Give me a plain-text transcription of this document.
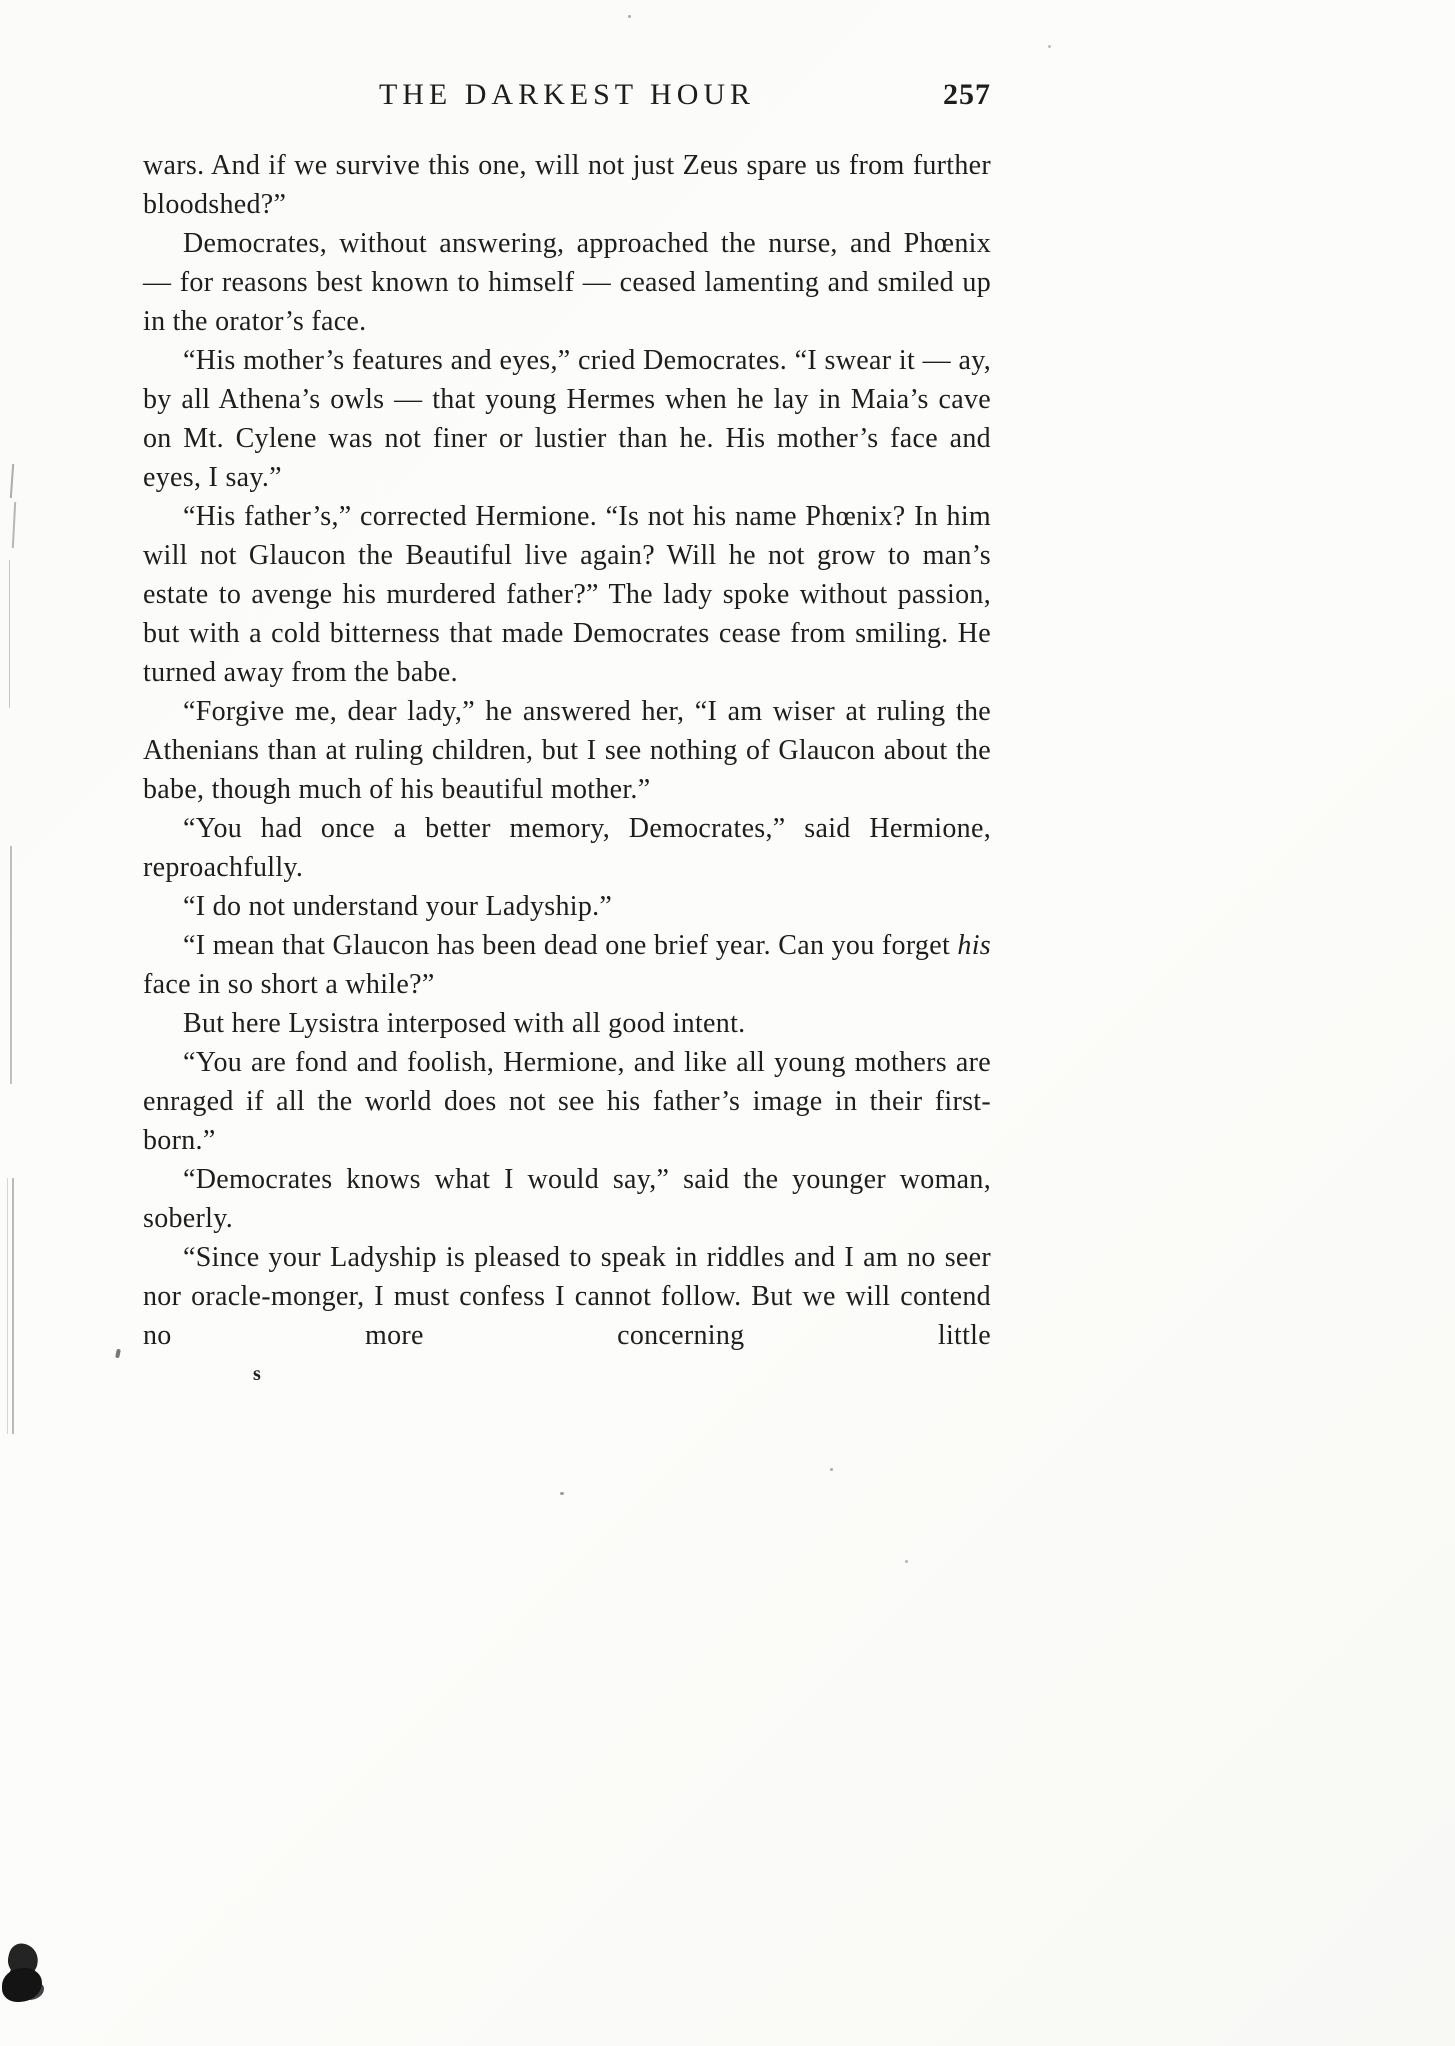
THE DARKEST HOUR	257

wars. And if we survive this one, will not just Zeus spare us from further bloodshed?”

Democrates, without answering, approached the nurse, and Phœnix — for reasons best known to himself — ceased lamenting and smiled up in the orator’s face.

“His mother’s features and eyes,” cried Democrates. “I swear it — ay, by all Athena’s owls — that young Hermes when he lay in Maia’s cave on Mt. Cylene was not finer or lustier than he. His mother’s face and eyes, I say.”

“His father’s,” corrected Hermione. “Is not his name Phœnix? In him will not Glaucon the Beautiful live again? Will he not grow to man’s estate to avenge his murdered father?” The lady spoke without passion, but with a cold bitterness that made Democrates cease from smiling. He turned away from the babe.

“Forgive me, dear lady,” he answered her, “I am wiser at ruling the Athenians than at ruling children, but I see nothing of Glaucon about the babe, though much of his beautiful mother.”

“You had once a better memory, Democrates,” said Hermione, reproachfully.

“I do not understand your Ladyship.”

“I mean that Glaucon has been dead one brief year. Can you forget his face in so short a while?”

But here Lysistra interposed with all good intent.

“You are fond and foolish, Hermione, and like all young mothers are enraged if all the world does not see his father’s image in their first-born.”

“Democrates knows what I would say,” said the younger woman, soberly.

“Since your Ladyship is pleased to speak in riddles and I am no seer nor oracle-monger, I must confess I cannot follow. But we will contend no more concerning little

s
